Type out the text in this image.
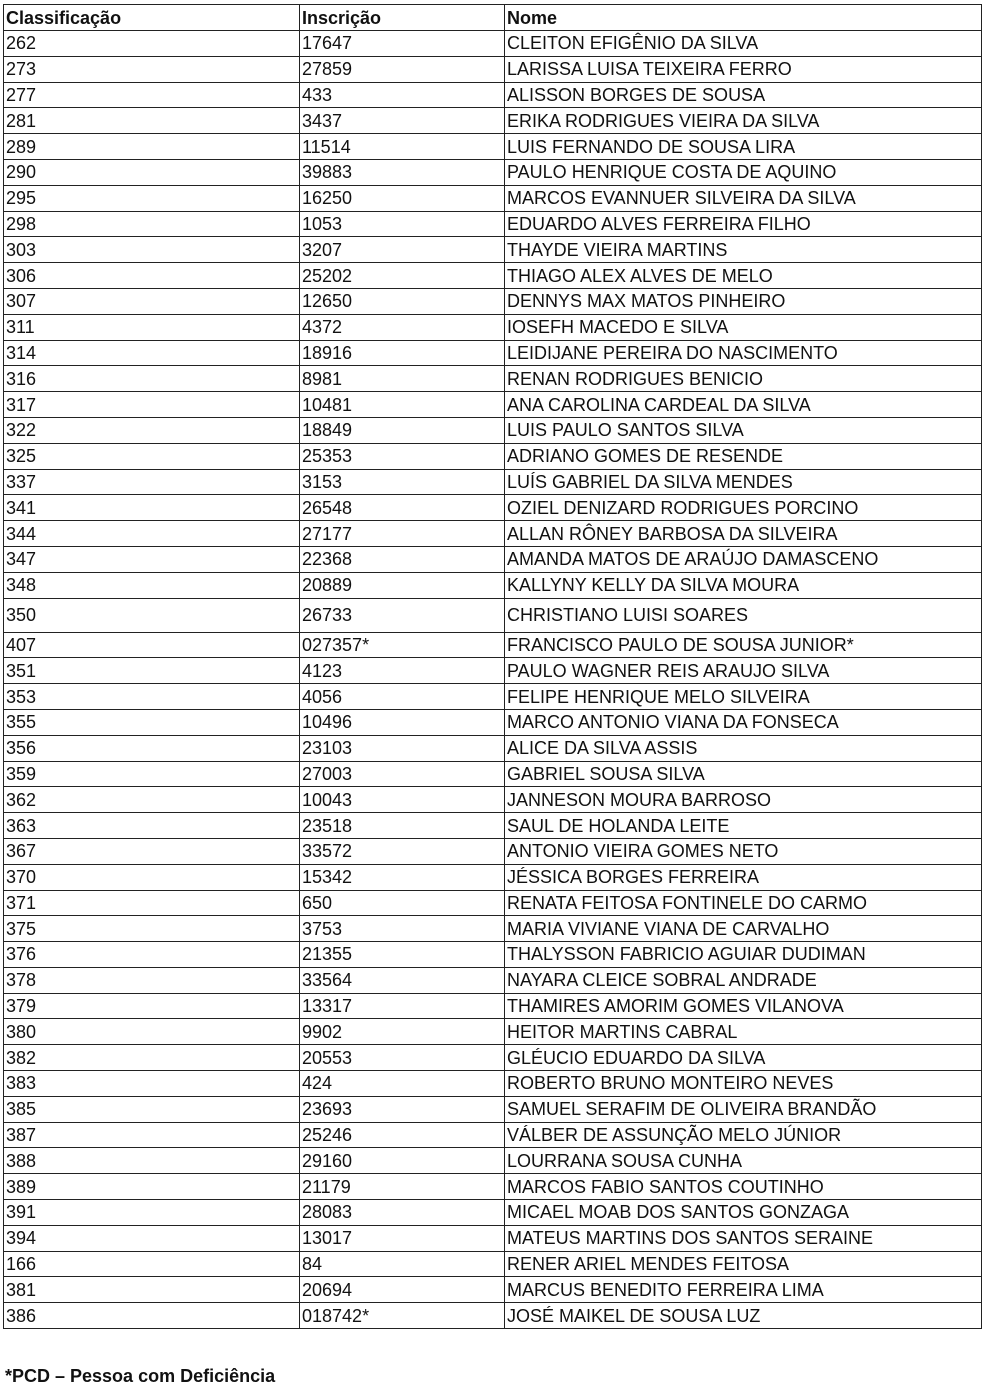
Classificação	Inscrição	Nome
262	17647	CLEITON EFIGÊNIO DA SILVA
273	27859	LARISSA LUISA TEIXEIRA FERRO
277	433	ALISSON BORGES DE SOUSA
281	3437	ERIKA RODRIGUES VIEIRA DA SILVA
289	11514	LUIS FERNANDO DE SOUSA LIRA
290	39883	PAULO HENRIQUE COSTA DE AQUINO
295	16250	MARCOS EVANNUER SILVEIRA DA SILVA
298	1053	EDUARDO ALVES FERREIRA FILHO
303	3207	THAYDE VIEIRA MARTINS
306	25202	THIAGO ALEX ALVES DE MELO
307	12650	DENNYS MAX MATOS PINHEIRO
311	4372	IOSEFH MACEDO E SILVA
314	18916	LEIDIJANE PEREIRA DO NASCIMENTO
316	8981	RENAN RODRIGUES BENICIO
317	10481	ANA CAROLINA CARDEAL DA SILVA
322	18849	LUIS PAULO SANTOS SILVA
325	25353	ADRIANO GOMES DE RESENDE
337	3153	LUÍS GABRIEL DA SILVA MENDES
341	26548	OZIEL DENIZARD RODRIGUES PORCINO
344	27177	ALLAN RÔNEY BARBOSA DA SILVEIRA
347	22368	AMANDA MATOS DE ARAÚJO DAMASCENO
348	20889	KALLYNY KELLY DA SILVA MOURA
350	26733	CHRISTIANO LUISI SOARES
407	027357*	FRANCISCO PAULO DE SOUSA JUNIOR*
351	4123	PAULO WAGNER REIS ARAUJO SILVA
353	4056	FELIPE HENRIQUE MELO SILVEIRA
355	10496	MARCO ANTONIO VIANA DA FONSECA
356	23103	ALICE DA SILVA ASSIS
359	27003	GABRIEL SOUSA SILVA
362	10043	JANNESON MOURA BARROSO
363	23518	SAUL DE HOLANDA LEITE
367	33572	ANTONIO VIEIRA GOMES NETO
370	15342	JÉSSICA BORGES FERREIRA
371	650	RENATA FEITOSA FONTINELE DO CARMO
375	3753	MARIA VIVIANE VIANA DE CARVALHO
376	21355	THALYSSON FABRICIO AGUIAR DUDIMAN
378	33564	NAYARA CLEICE SOBRAL ANDRADE
379	13317	THAMIRES AMORIM GOMES VILANOVA
380	9902	HEITOR MARTINS CABRAL
382	20553	GLÉUCIO EDUARDO DA SILVA
383	424	ROBERTO BRUNO MONTEIRO NEVES
385	23693	SAMUEL SERAFIM DE OLIVEIRA BRANDÃO
387	25246	VÁLBER DE ASSUNÇÃO MELO JÚNIOR
388	29160	LOURRANA SOUSA CUNHA
389	21179	MARCOS FABIO SANTOS COUTINHO
391	28083	MICAEL MOAB DOS SANTOS GONZAGA
394	13017	MATEUS MARTINS DOS SANTOS SERAINE
166	84	RENER ARIEL MENDES FEITOSA
381	20694	MARCUS BENEDITO FERREIRA LIMA
386	018742*	JOSÉ MAIKEL DE SOUSA LUZ
*PCD – Pessoa com Deficiência
